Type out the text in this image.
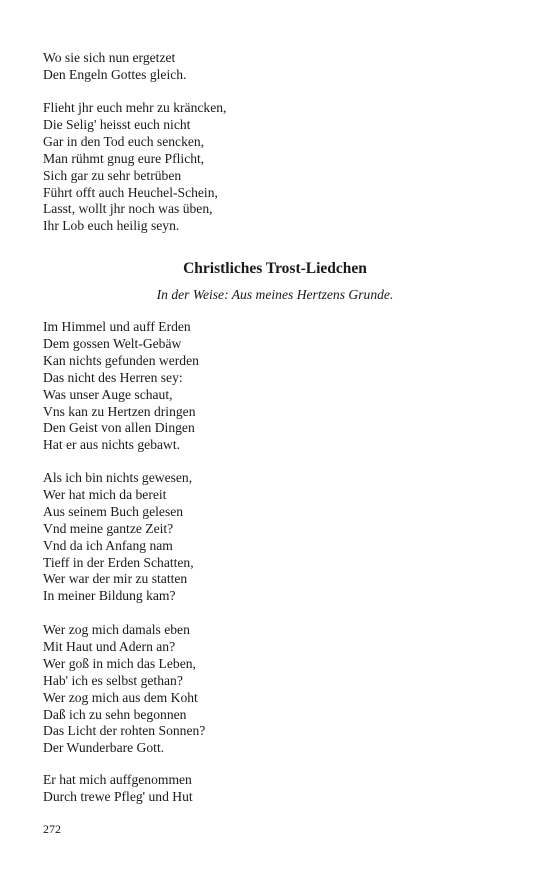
Wo sie sich nun ergetzet
Den Engeln Gottes gleich.
Flieht jhr euch mehr zu kräncken,
Die Selig' heisst euch nicht
Gar in den Tod euch sencken,
Man rühmt gnug eure Pflicht,
Sich gar zu sehr betrüben
Führt offt auch Heuchel-Schein,
Lasst, wollt jhr noch was üben,
Ihr Lob euch heilig seyn.
Christliches Trost-Liedchen
In der Weise: Aus meines Hertzens Grunde.
Im Himmel und auff Erden
Dem gossen Welt-Gebäw
Kan nichts gefunden werden
Das nicht des Herren sey:
Was unser Auge schaut,
Vns kan zu Hertzen dringen
Den Geist von allen Dingen
Hat er aus nichts gebawt.
Als ich bin nichts gewesen,
Wer hat mich da bereit
Aus seinem Buch gelesen
Vnd meine gantze Zeit?
Vnd da ich Anfang nam
Tieff in der Erden Schatten,
Wer war der mir zu statten
In meiner Bildung kam?
Wer zog mich damals eben
Mit Haut und Adern an?
Wer goß in mich das Leben,
Hab' ich es selbst gethan?
Wer zog mich aus dem Koht
Daß ich zu sehn begonnen
Das Licht der rohten Sonnen?
Der Wunderbare Gott.
Er hat mich auffgenommen
Durch trewe Pfleg' und Hut
272
